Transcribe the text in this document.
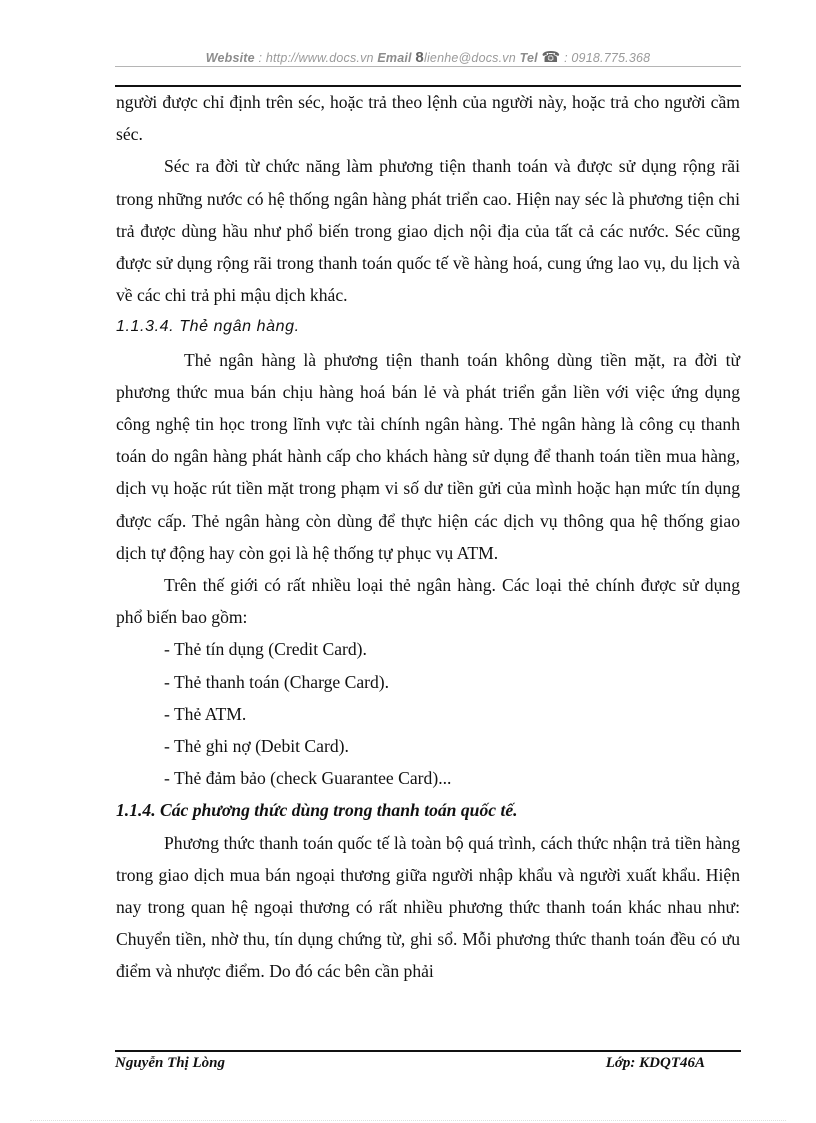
Website : http://www.docs.vn Email 8lienhe@docs.vn Tel ☎ : 0918.775.368
người được chỉ định trên séc, hoặc trả theo lệnh của người này, hoặc trả cho người cầm séc.
Séc ra đời từ chức năng làm phương tiện thanh toán và được sử dụng rộng rãi trong những nước có hệ thống ngân hàng phát triển cao. Hiện nay séc là phương tiện chi trả được dùng hầu như phổ biến trong giao dịch nội địa của tất cả các nước. Séc cũng được sử dụng rộng rãi trong thanh toán quốc tế về hàng hoá, cung ứng lao vụ, du lịch và về các chi trả phi mậu dịch khác.
1.1.3.4. Thẻ ngân hàng.
Thẻ ngân hàng là phương tiện thanh toán không dùng tiền mặt, ra đời từ phương thức mua bán chịu hàng hoá bán lẻ và phát triển gắn liền với việc ứng dụng công nghệ tin học trong lĩnh vực tài chính ngân hàng. Thẻ ngân hàng là công cụ thanh toán do ngân hàng phát hành cấp cho khách hàng sử dụng để thanh toán tiền mua hàng, dịch vụ hoặc rút tiền mặt trong phạm vi số dư tiền gửi của mình hoặc hạn mức tín dụng được cấp. Thẻ ngân hàng còn dùng để thực hiện các dịch vụ thông qua hệ thống giao dịch tự động hay còn gọi là hệ thống tự phục vụ ATM.
Trên thế giới có rất nhiều loại thẻ ngân hàng. Các loại thẻ chính được sử dụng phổ biến bao gồm:
- Thẻ tín dụng (Credit Card).
- Thẻ thanh toán (Charge Card).
- Thẻ ATM.
- Thẻ ghi nợ (Debit Card).
- Thẻ đảm bảo (check Guarantee Card)...
1.1.4. Các phương thức dùng trong thanh toán quốc tế.
Phương thức thanh toán quốc tế là toàn bộ quá trình, cách thức nhận trả tiền hàng trong giao dịch mua bán ngoại thương giữa người nhập khẩu và người xuất khẩu. Hiện nay trong quan hệ ngoại thương có rất nhiều phương thức thanh toán khác nhau như: Chuyển tiền, nhờ thu, tín dụng chứng từ, ghi sổ. Mỗi phương thức thanh toán đều có ưu điểm và nhược điểm. Do đó các bên cần phải
Nguyễn Thị Lòng	Lớp: KDQT46A
